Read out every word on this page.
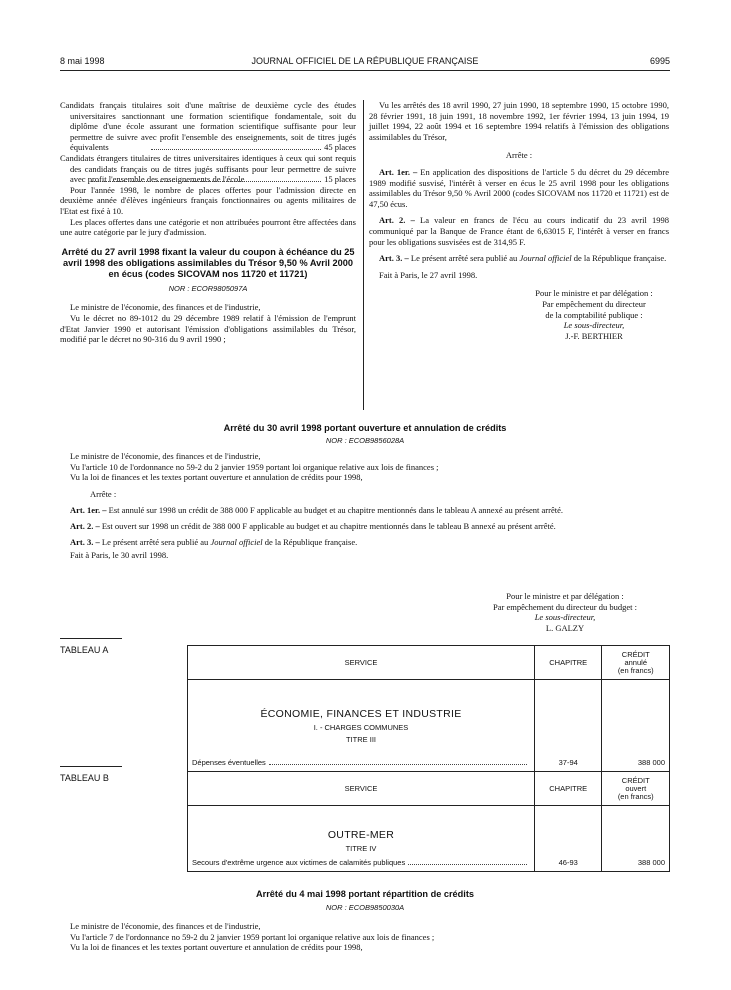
8 mai 1998	JOURNAL OFFICIEL DE LA RÉPUBLIQUE FRANÇAISE	6995

Candidats français titulaires soit d'une maîtrise de deuxième cycle des études universitaires sanctionnant une formation scientifique fondamentale, soit du diplôme d'une école assurant une formation scientifique suffisante pour leur permettre de suivre avec profit l'ensemble des enseignements, soit de titres jugés équivalents	45 places

Candidats étrangers titulaires de titres universitaires identiques à ceux qui sont requis des candidats français ou de titres jugés suffisants pour leur permettre de suivre avec profit l'ensemble des enseignements de l'école	15 places

Pour l'année 1998, le nombre de places offertes pour l'admission directe en deuxième année d'élèves ingénieurs français fonctionnaires ou agents militaires de l'Etat est fixé à 10.

Les places offertes dans une catégorie et non attribuées pourront être affectées dans une autre catégorie par le jury d'admission.

Arrêté du 27 avril 1998 fixant la valeur du coupon à échéance du 25 avril 1998 des obligations assimilables du Trésor 9,50 % Avril 2000 en écus (codes SICOVAM nos 11720 et 11721)

NOR : ECOR9805097A

Le ministre de l'économie, des finances et de l'industrie,

Vu le décret no 89-1012 du 29 décembre 1989 relatif à l'émission de l'emprunt d'Etat Janvier 1990 et autorisant l'émission d'obligations assimilables du Trésor, modifié par le décret no 90-316 du 9 avril 1990 ;

Vu les arrêtés des 18 avril 1990, 27 juin 1990, 18 septembre 1990, 15 octobre 1990, 28 février 1991, 18 juin 1991, 18 novembre 1992, 1er février 1994, 13 juin 1994, 19 juillet 1994, 22 août 1994 et 16 septembre 1994 relatifs à l'émission des obligations assimilables du Trésor,

Arrête :

Art. 1er. – En application des dispositions de l'article 5 du décret du 29 décembre 1989 modifié susvisé, l'intérêt à verser en écus le 25 avril 1998 pour les obligations assimilables du Trésor 9,50 % Avril 2000 (codes SICOVAM nos 11720 et 11721) est de 47,50 écus.

Art. 2. – La valeur en francs de l'écu au cours indicatif du 23 avril 1998 communiqué par la Banque de France étant de 6,63015 F, l'intérêt à verser en francs pour les obligations susvisées est de 314,95 F.

Art. 3. – Le présent arrêté sera publié au Journal officiel de la République française.

Fait à Paris, le 27 avril 1998.

Pour le ministre et par délégation :
Par empêchement du directeur
de la comptabilité publique :
Le sous-directeur,
J.-F. BERTHIER
Arrêté du 30 avril 1998 portant ouverture et annulation de crédits
NOR : ECOB9856028A

Le ministre de l'économie, des finances et de l'industrie,

Vu l'article 10 de l'ordonnance no 59-2 du 2 janvier 1959 portant loi organique relative aux lois de finances ;

Vu la loi de finances et les textes portant ouverture et annulation de crédits pour 1998,

Arrête :

Art. 1er. – Est annulé sur 1998 un crédit de 388 000 F applicable au budget et au chapitre mentionnés dans le tableau A annexé au présent arrêté.

Art. 2. – Est ouvert sur 1998 un crédit de 388 000 F applicable au budget et au chapitre mentionnés dans le tableau B annexé au présent arrêté.

Art. 3. – Le présent arrêté sera publié au Journal officiel de la République française.

Fait à Paris, le 30 avril 1998.

Pour le ministre et par délégation :
Par empêchement du directeur du budget :
Le sous-directeur,
L. GALZY
TABLEAU A
SERVICE	CHAPITRE	CRÉDIT
annulé
(en francs)

ÉCONOMIE, FINANCES ET INDUSTRIE
I. - CHARGES COMMUNES
TITRE III
Dépenses éventuelles	37-94	388 000
TABLEAU B
SERVICE	CHAPITRE	CRÉDIT
ouvert
(en francs)

OUTRE-MER
TITRE IV
Secours d'extrême urgence aux victimes de calamités publiques	46-93	388 000
Arrêté du 4 mai 1998 portant répartition de crédits
NOR : ECOB9850030A

Le ministre de l'économie, des finances et de l'industrie,

Vu l'article 7 de l'ordonnance no 59-2 du 2 janvier 1959 portant loi organique relative aux lois de finances ;

Vu la loi de finances et les textes portant ouverture et annulation de crédits pour 1998,
